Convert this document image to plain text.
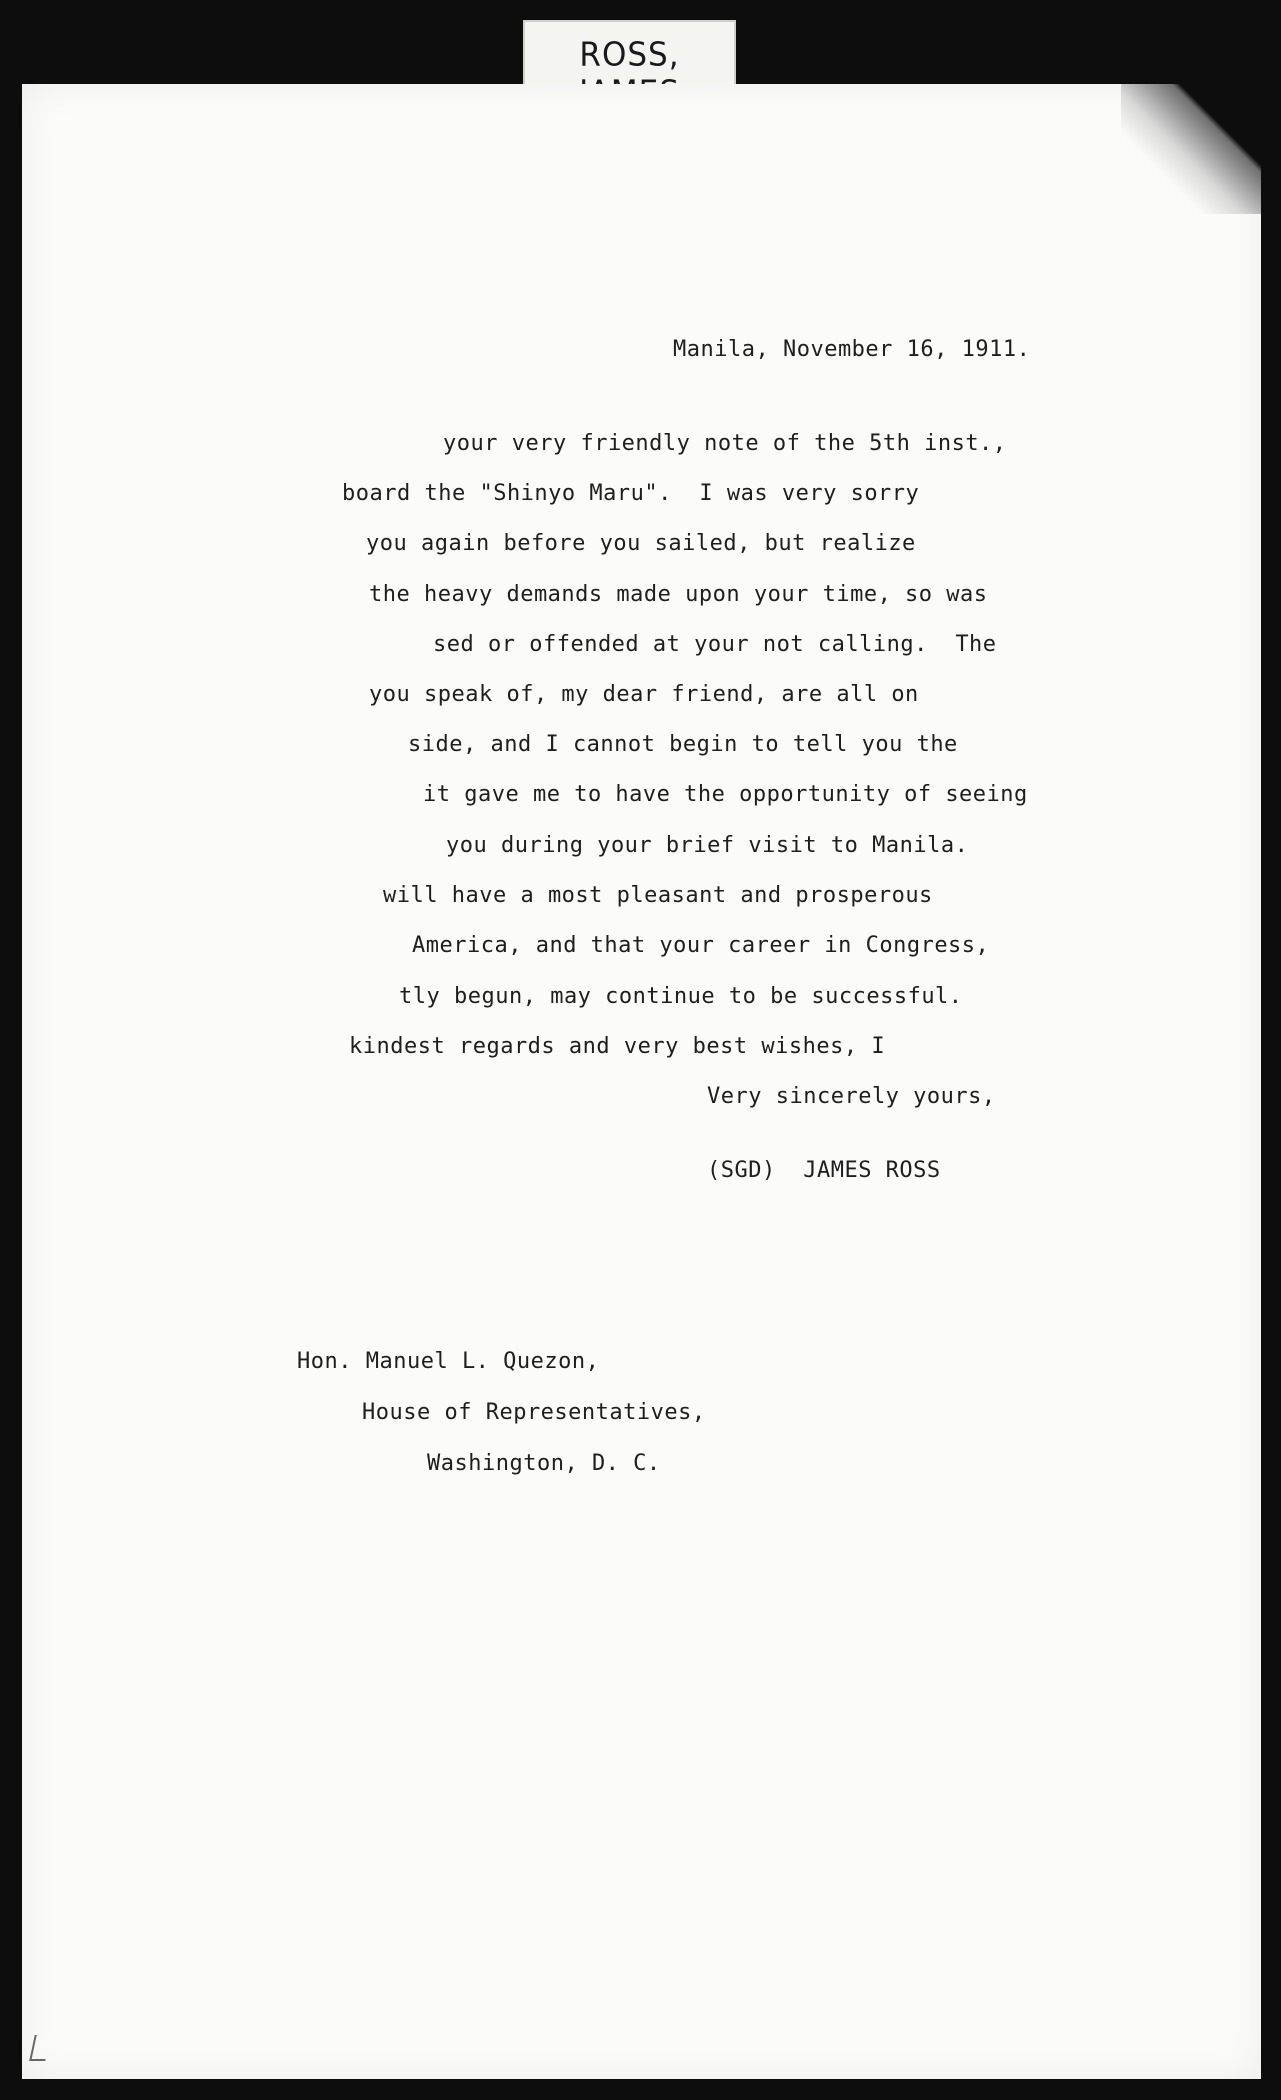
ROSS,
Manila, November 16, 1911.
your very friendly note of the 5th inst.,
board the "Shinyo Maru".  I was very sorry
you again before you sailed, but realize
the heavy demands made upon your time, so was
sed or offended at your not calling.  The
you speak of, my dear friend, are all on
side, and I cannot begin to tell you the
it gave me to have the opportunity of seeing
you during your brief visit to Manila.
will have a most pleasant and prosperous
America, and that your career in Congress,
tly begun, may continue to be successful.
kindest regards and very best wishes, I
Very sincerely yours,
(SGD)  JAMES ROSS
Hon. Manuel L. Quezon,
House of Representatives,
Washington, D. C.
